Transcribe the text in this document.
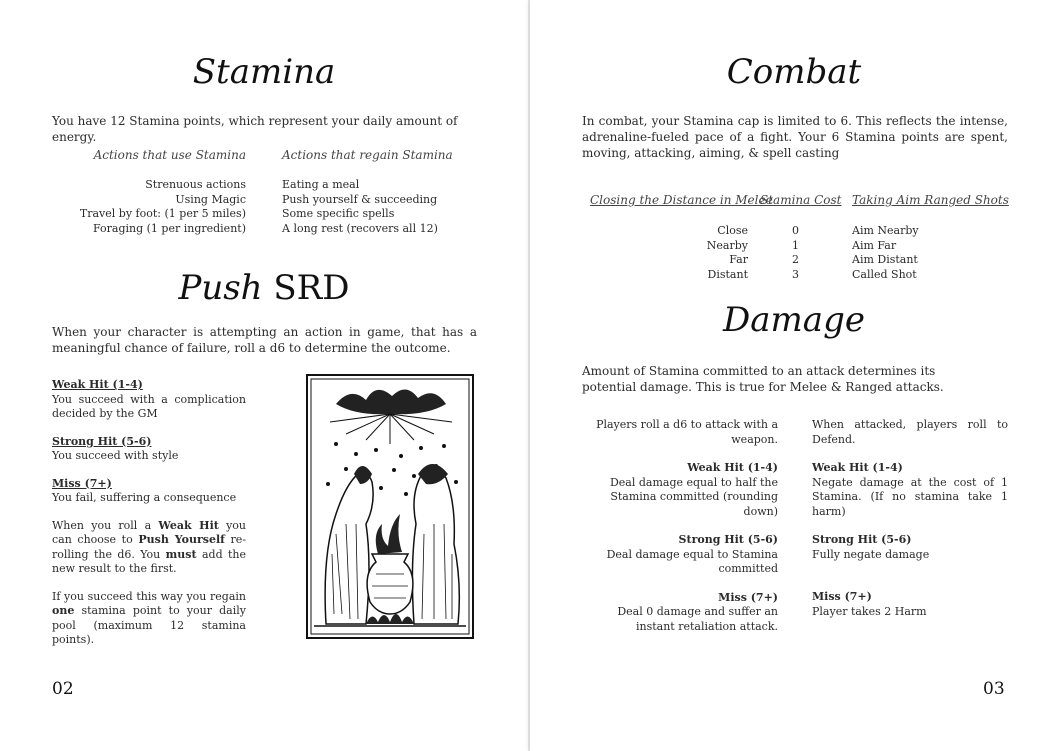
Stamina
You have 12 Stamina points, which represent your daily amount of energy.
Actions that use Stamina	Actions that regain Stamina
Strenuous actions
Using Magic
Travel by foot: (1 per 5 miles)
Foraging (1 per ingredient)
Eating a meal
Push yourself & succeeding
Some specific spells
A long rest (recovers all 12)
Push SRD
When your character is attempting an action in game, that has a meaningful chance of failure, roll a d6 to determine the outcome.
Weak Hit (1-4)
You succeed with a complication decided by the GM
Strong Hit (5-6)
You succeed with style
Miss (7+)
You fail, suffering a consequence
When you roll a Weak Hit you can choose to Push Yourself re-rolling the d6. You must add the new result to the first.
If you succeed this way you regain one stamina point to your daily pool (maximum 12 stamina points).
02
Combat
In combat, your Stamina cap is limited to 6. This reflects the intense, adrenaline-fueled pace of a fight. Your 6 Stamina points are spent, moving, attacking, aiming, & spell casting
Closing the Distance in Melee
Stamina Cost Taking Aim Ranged Shots
Close
Nearby
Far
Distant
0
1
2
3
Aim Nearby
Aim Far
Aim Distant
Called Shot
Damage
Amount of Stamina committed to an attack determines its potential damage. This is true for Melee & Ranged attacks.
Players roll a d6 to attack with a weapon.
Weak Hit (1-4)
Deal damage equal to half the Stamina committed (rounding down)
Strong Hit (5-6)
Deal damage equal to Stamina committed
Miss (7+)
Deal 0 damage and suffer an instant retaliation attack.
When attacked, players roll to Defend.
Weak Hit (1-4)
Negate damage at the cost of 1 Stamina. (If no stamina take 1 harm)
Strong Hit (5-6)
Fully negate damage
Miss (7+)
Player takes 2 Harm
03
